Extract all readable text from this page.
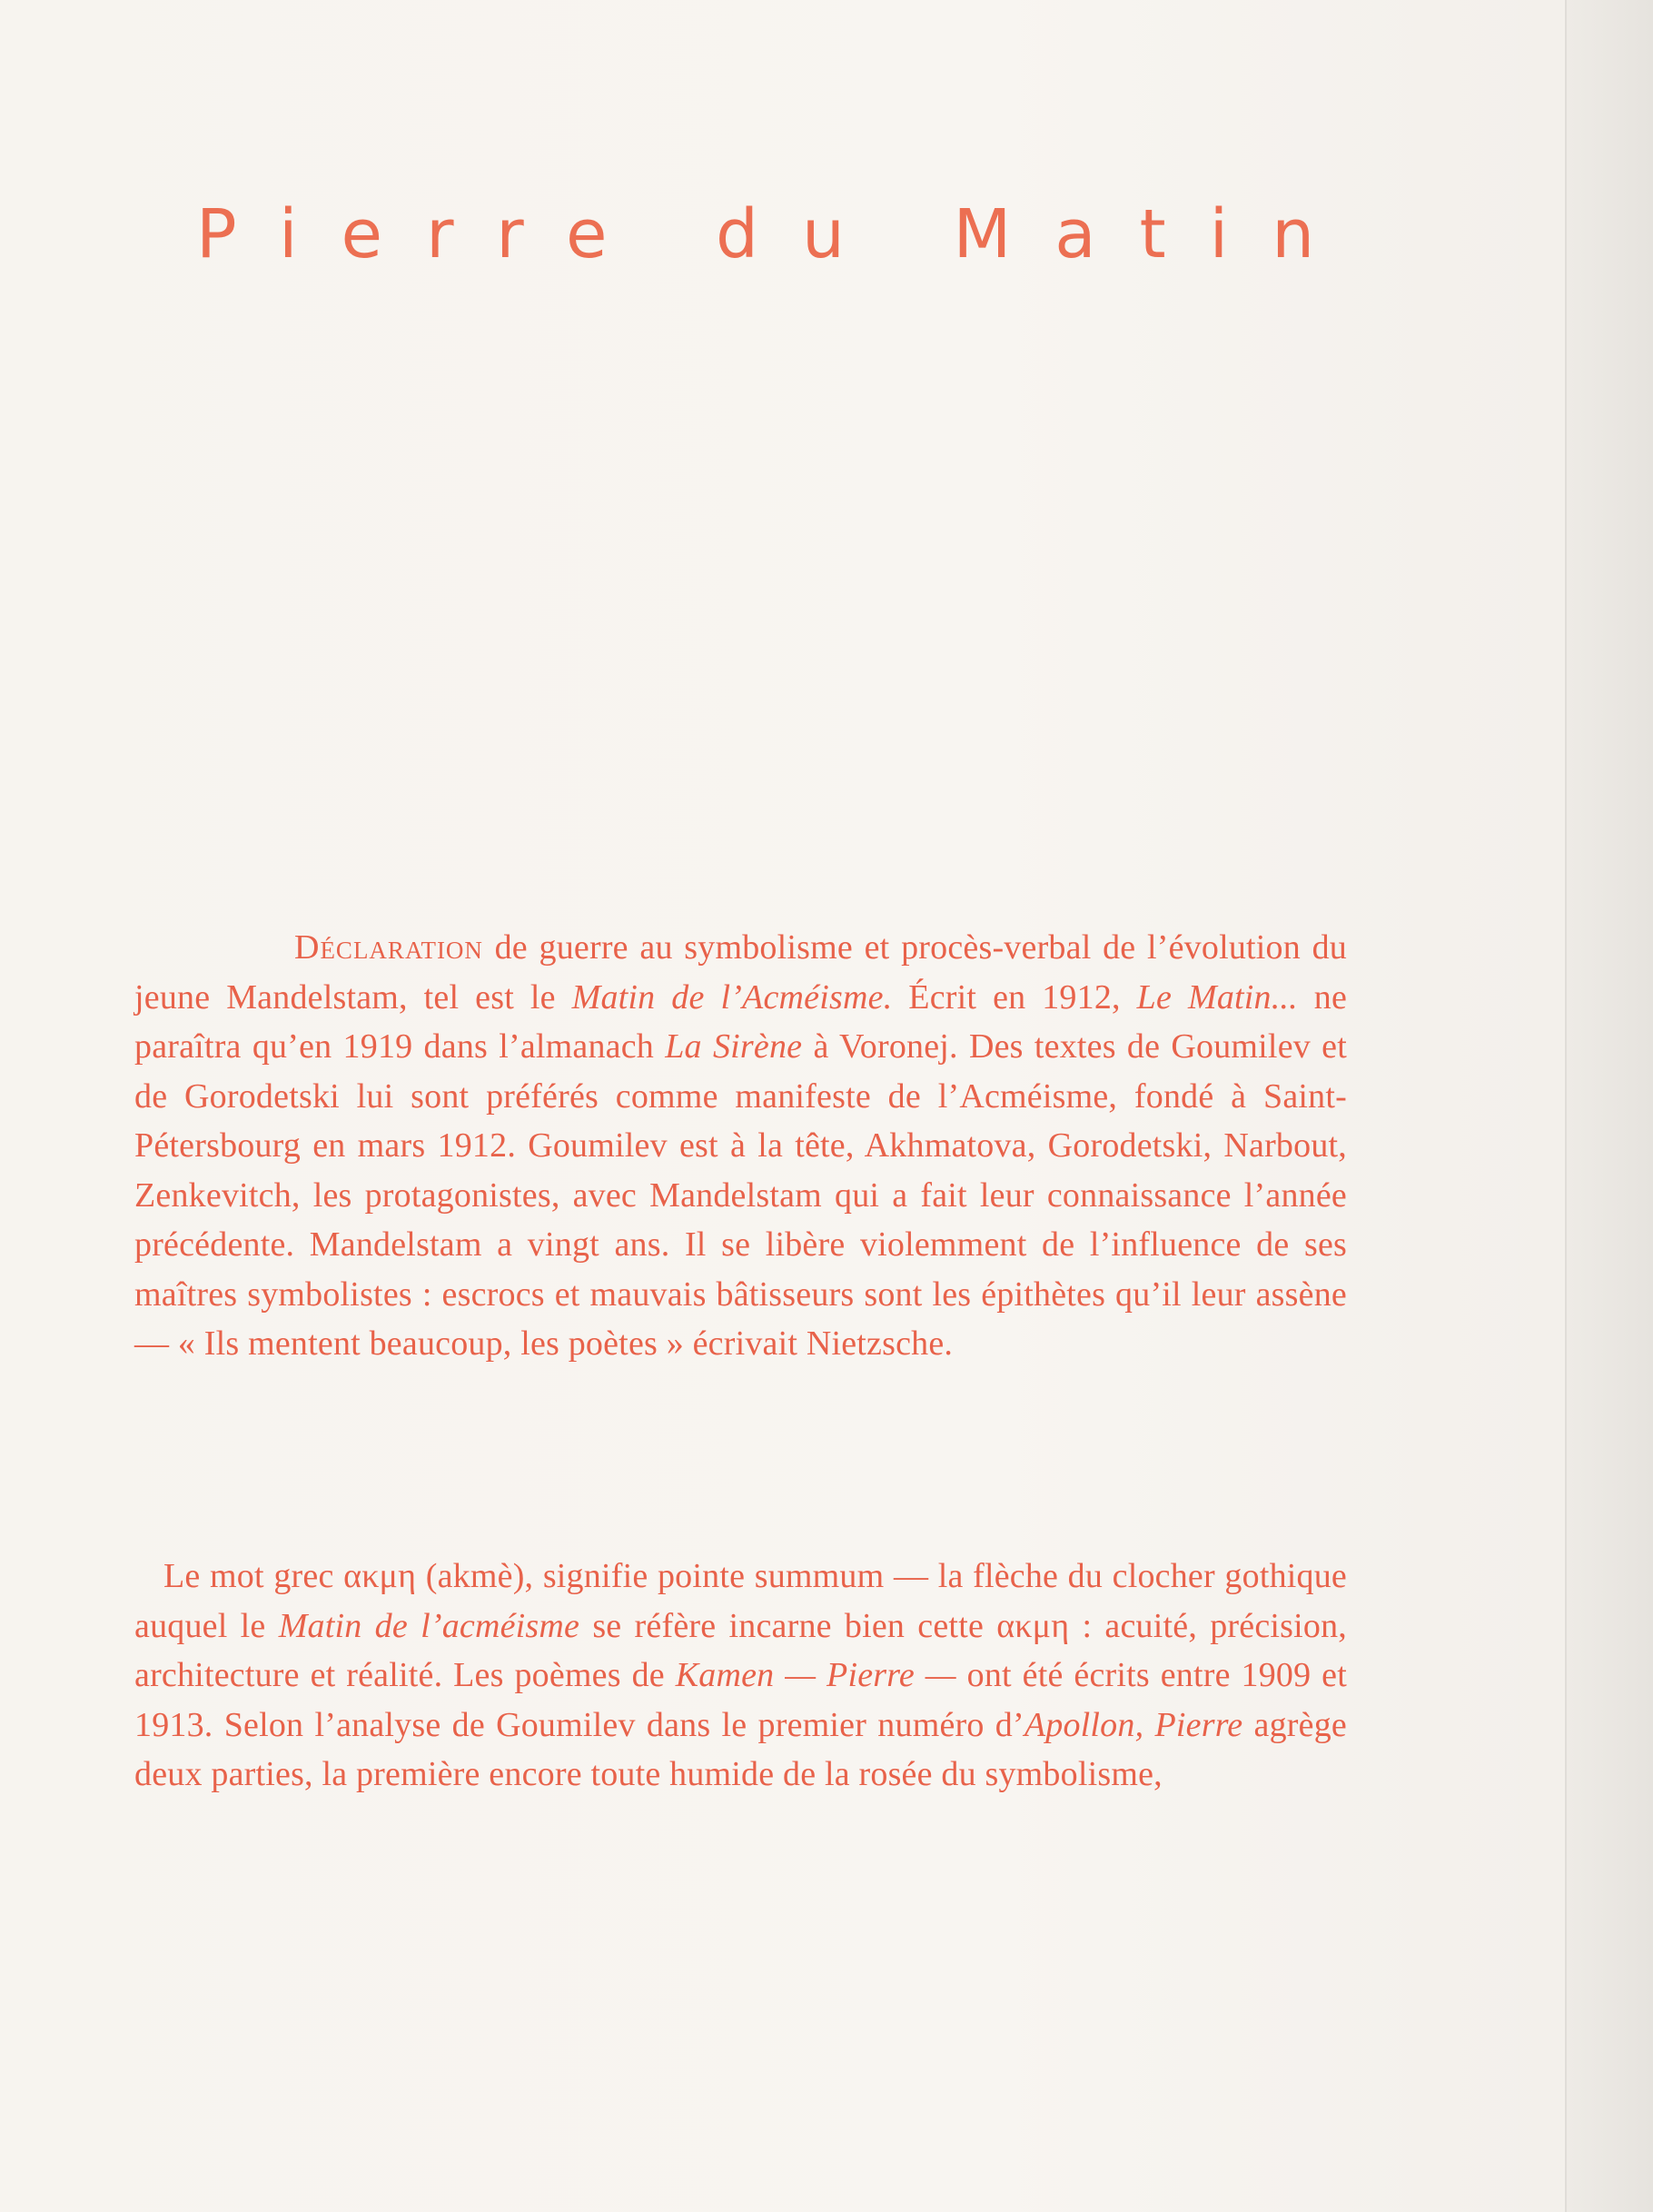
Pierre du Matin

Déclaration de guerre au symbolisme et procès-verbal de l’évolution du jeune Mandelstam, tel est le Matin de l’Acméisme. Écrit en 1912, Le Matin... ne paraîtra qu’en 1919 dans l’almanach La Sirène à Voronej. Des textes de Goumilev et de Gorodetski lui sont préférés comme manifeste de l’Acméisme, fondé à Saint-Pétersbourg en mars 1912. Goumilev est à la tête, Akhmatova, Gorodetski, Narbout, Zenkevitch, les protagonistes, avec Mandelstam qui a fait leur connaissance l’année précédente. Mandelstam a vingt ans. Il se libère violemment de l’influence de ses maîtres symbolistes : escrocs et mauvais bâtisseurs sont les épithètes qu’il leur assène — « Ils mentent beaucoup, les poètes » écrivait Nietzsche.

Le mot grec ακμη (akmè), signifie pointe summum — la flèche du clocher gothique auquel le Matin de l’acméisme se réfère incarne bien cette ακμη : acuité, précision, architecture et réalité. Les poèmes de Kamen — Pierre — ont été écrits entre 1909 et 1913. Selon l’analyse de Goumilev dans le premier numéro d’Apollon, Pierre agrège deux parties, la première encore toute humide de la rosée du symbolisme,
